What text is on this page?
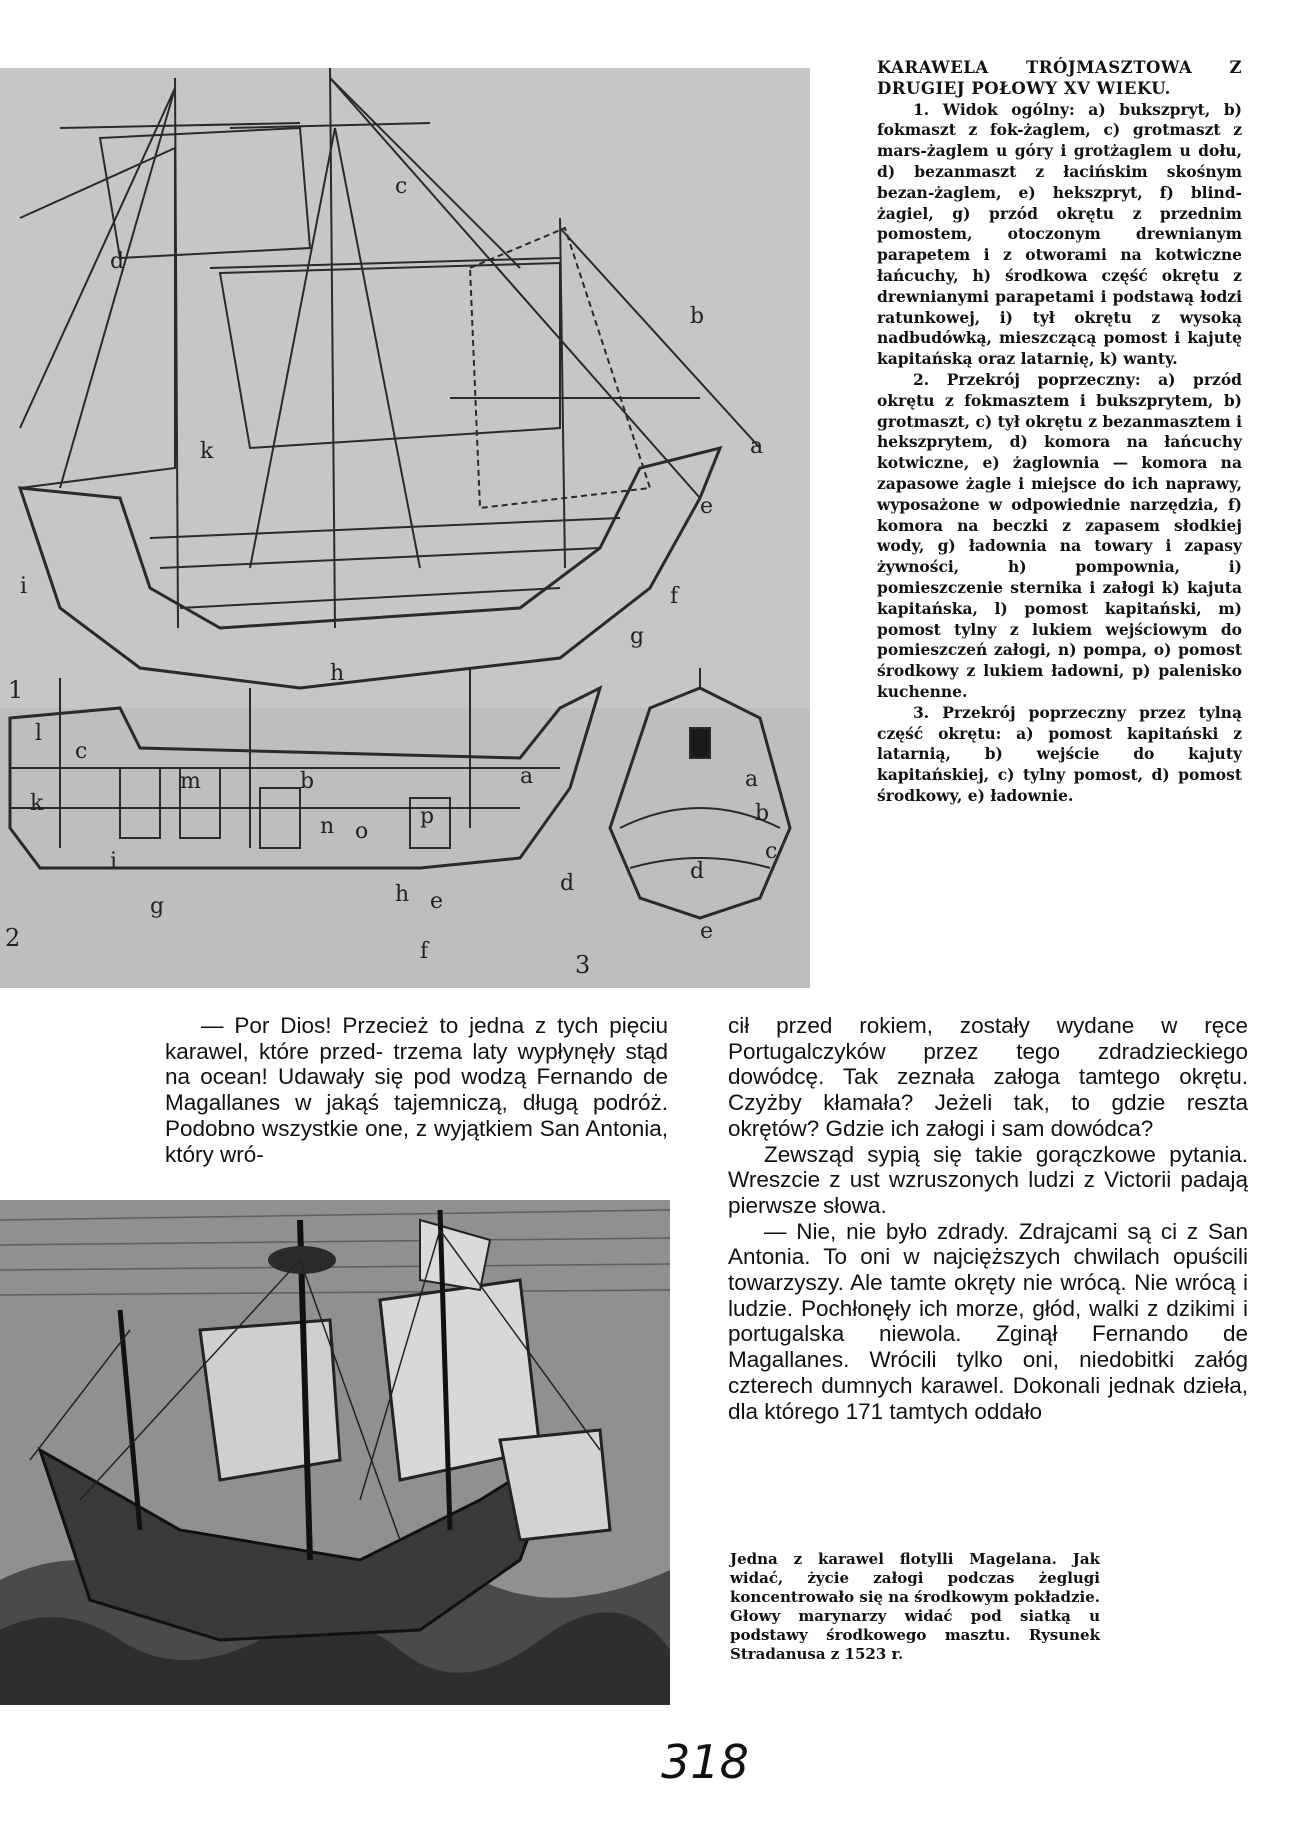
c
d
b
a
e
f
g
h
i
k
1
c
k
m	b	a
n o
p
d
e
f
g
i
l
h
3
a
b
c
d
e
2

KARAWELA TRÓJMASZTOWA Z DRUGIEJ POŁOWY XV WIEKU.

1. Widok ogólny: a) bukszpryt, b) fokmaszt z fok-żaglem, c) grotmaszt z mars-żaglem u góry i grotżaglem u dołu, d) bezanmaszt z łacińskim skośnym bezan-żaglem, e) hekszpryt, f) blind-żagiel, g) przód okrętu z przednim pomostem, otoczonym drewnianym parapetem i z otworami na kotwiczne łańcuchy, h) środkowa część okrętu z drewnianymi parapetami i podstawą łodzi ratunkowej, i) tył okrętu z wysoką nadbudówką, mieszczącą pomost i kajutę kapitańską oraz latarnię, k) wanty.

2. Przekrój poprzeczny: a) przód okrętu z fokmasztem i bukszprytem, b) grotmaszt, c) tył okrętu z bezanmasztem i hekszprytem, d) komora na łańcuchy kotwiczne, e) żaglownia — komora na zapasowe żagle i miejsce do ich naprawy, wyposażone w odpowiednie narzędzia, f) komora na beczki z zapasem słodkiej wody, g) ładownia na towary i zapasy żywności, h) pompownia, i) pomieszczenie sternika i załogi k) kajuta kapitańska, l) pomost kapitański, m) pomost tylny z lukiem wejściowym do pomieszczeń załogi, n) pompa, o) pomost środkowy z lukiem ładowni, p) palenisko kuchenne.

3. Przekrój poprzeczny przez tylną część okrętu: a) pomost kapitański z latarnią, b) wejście do kajuty kapitańskiej, c) tylny pomost, d) pomost środkowy, e) ładownie.

— Por Dios! Przecież to jedna z tych pięciu karawel, które przed- trzema laty wypłynęły stąd na ocean! Udawały się pod wodzą Fernando de Magallanes w jakąś tajemniczą, długą podróż. Podobno wszystkie one, z wyjątkiem San Antonia, który wró-

cił przed rokiem, zostały wydane w ręce Portugalczyków przez tego zdradzieckiego dowódcę. Tak zeznała załoga tamtego okrętu. Czyżby kłamała? Jeżeli tak, to gdzie reszta okrętów? Gdzie ich załogi i sam dowódca?

Zewsząd sypią się takie gorączkowe pytania. Wreszcie z ust wzruszonych ludzi z Victorii padają pierwsze słowa.

— Nie, nie było zdrady. Zdrajcami są ci z San Antonia. To oni w najcięższych chwilach opuścili towarzyszy. Ale tamte okręty nie wrócą. Nie wrócą i ludzie. Pochłonęły ich morze, głód, walki z dzikimi i portugalska niewola. Zginął Fernando de Magallanes. Wrócili tylko oni, niedobitki załóg czterech dumnych karawel. Dokonali jednak dzieła, dla którego 171 tamtych oddało

Jedna z karawel flotylli Magelana. Jak widać, życie załogi podczas żeglugi koncentrowało się na środkowym pokładzie. Głowy marynarzy widać pod siatką u podstawy środkowego masztu. Rysunek Stradanusa z 1523 r.

318
